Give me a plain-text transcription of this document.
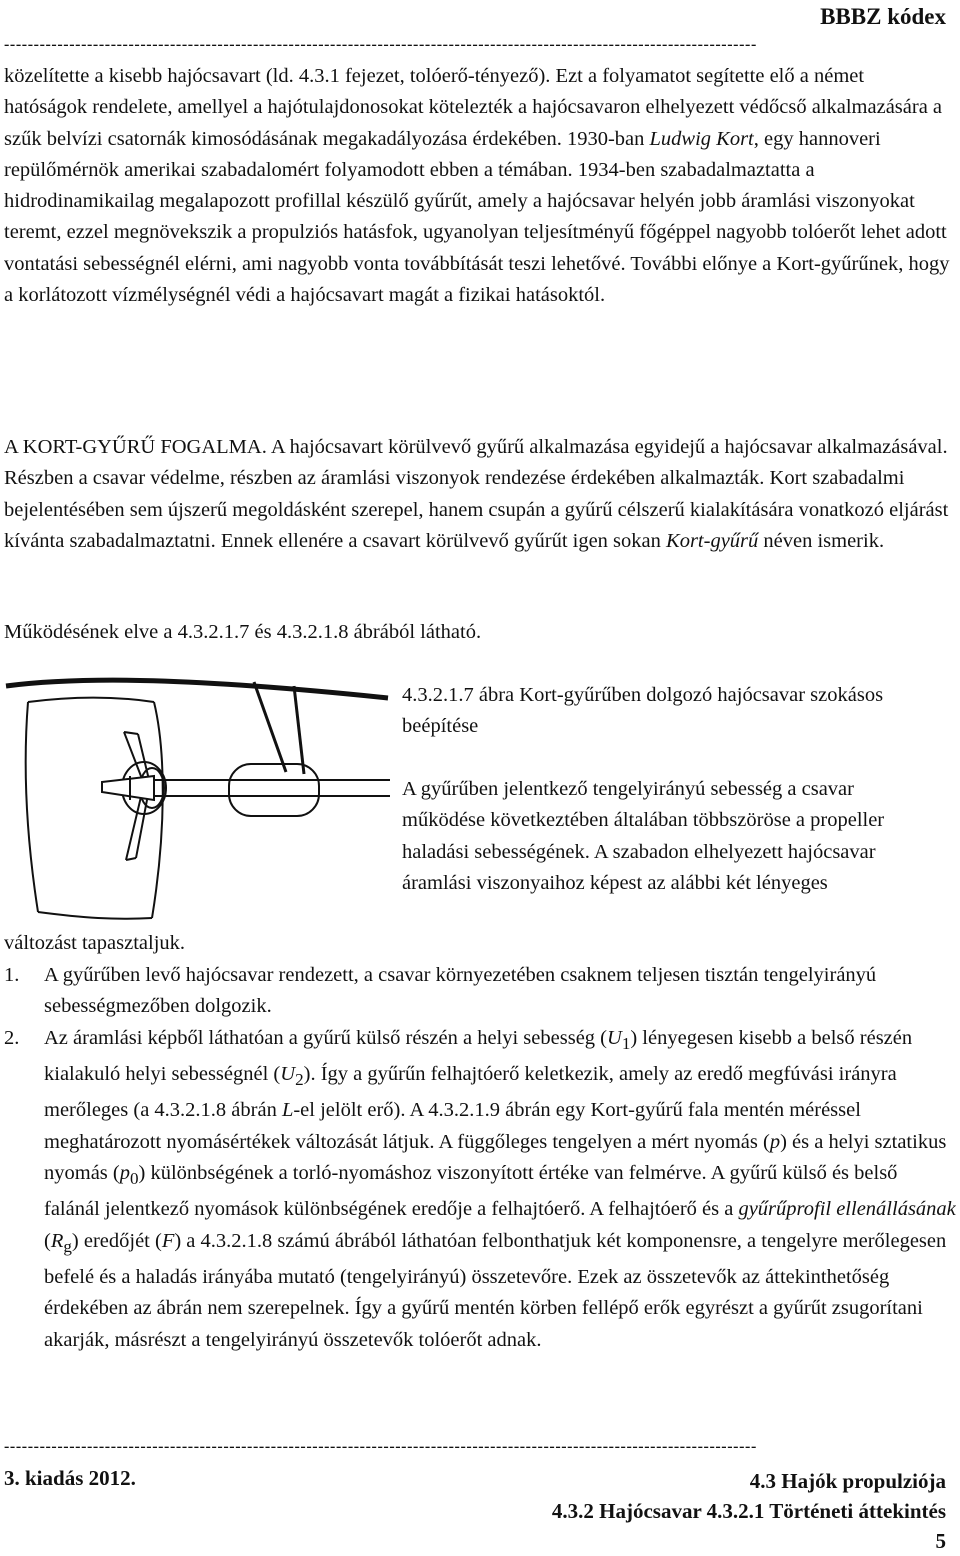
BBBZ kódex
-------------------------------------------------------------------------------------------------------------------------------
közelítette a kisebb hajócsavart (ld. 4.3.1 fejezet, tolóerő-tényező). Ezt a folyamatot segítette elő a német hatóságok rendelete, amellyel a hajótulajdonosokat kötelezték a hajócsavaron elhelyezett védőcső alkalmazására a szűk belvízi csatornák kimosódásának megakadályozása érdekében. 1930-ban Ludwig Kort, egy hannoveri repülőmérnök amerikai szabadalomért folyamodott ebben a témában. 1934-ben szabadalmaztatta a hidrodinamikailag megalapozott profillal készülő gyűrűt, amely a hajócsavar helyén jobb áramlási viszonyokat teremt, ezzel megnövekszik a propulziós hatásfok, ugyanolyan teljesítményű főgéppel nagyobb tolóerőt lehet adott vontatási sebességnél elérni, ami nagyobb vonta továbbítását teszi lehetővé. További előnye a Kort-gyűrűnek, hogy a korlátozott vízmélységnél védi a hajócsavart magát a fizikai hatásoktól.
A KORT-GYŰRŰ FOGALMA. A hajócsavart körülvevő gyűrű alkalmazása egyidejű a hajócsavar alkalmazásával. Részben a csavar védelme, részben az áramlási viszonyok rendezése érdekében alkalmazták. Kort szabadalmi bejelentésében sem újszerű megoldásként szerepel, hanem csupán a gyűrű célszerű kialakítására vonatkozó eljárást kívánta szabadalmaztatni. Ennek ellenére a csavart körülvevő gyűrűt igen sokan Kort-gyűrű néven ismerik.
Működésének elve a 4.3.2.1.7 és 4.3.2.1.8 ábrából látható.
4.3.2.1.7 ábra Kort-gyűrűben dolgozó hajócsavar szokásos beépítése
A gyűrűben jelentkező tengelyirányú sebesség a csavar működése következtében általában többszöröse a propeller haladási sebességének. A szabadon elhelyezett hajócsavar áramlási viszonyaihoz képest az alábbi két lényeges
változást tapasztaljuk.
1.	A gyűrűben levő hajócsavar rendezett, a csavar környezetében csaknem teljesen tisztán tengelyirányú sebességmezőben dolgozik.
2.	Az áramlási képből láthatóan a gyűrű külső részén a helyi sebesség $(U_1)$ lényegesen kisebb a belső részén kialakuló helyi sebességnél $(U_2)$. Így a gyűrűn felhajtóerő keletkezik, amely az eredő megfúvási irányra merőleges (a 4.3.2.1.8 ábrán L-el jelölt erő). A 4.3.2.1.9 ábrán egy Kort-gyűrű fala mentén méréssel meghatározott nyomásértékek változását látjuk. A függőleges tengelyen a mért nyomás (p) és a helyi sztatikus nyomás $(p_0)$ különbségének a torló-nyomáshoz viszonyított értéke van felmérve. A gyűrű külső és belső falánál jelentkező nyomások különbségének eredője a felhajtóerő. A felhajtóerő és a gyűrűprofil ellenállásának $(R_g)$ eredőjét (F) a 4.3.2.1.8 számú ábrából láthatóan felbonthatjuk két komponensre, a tengelyre merőlegesen befelé és a haladás irányába mutató (tengelyirányú) összetevőre. Ezek az összetevők az áttekinthetőség érdekében az ábrán nem szerepelnek. Így a gyűrű mentén körben fellépő erők egyrészt a gyűrűt zsugorítani akarják, másrészt a tengelyirányú összetevők tolóerőt adnak.
-------------------------------------------------------------------------------------------------------------------------------
3. kiadás 2012.	4.3 Hajók propulziója
4.3.2 Hajócsavar 4.3.2.1 Történeti áttekintés
5
